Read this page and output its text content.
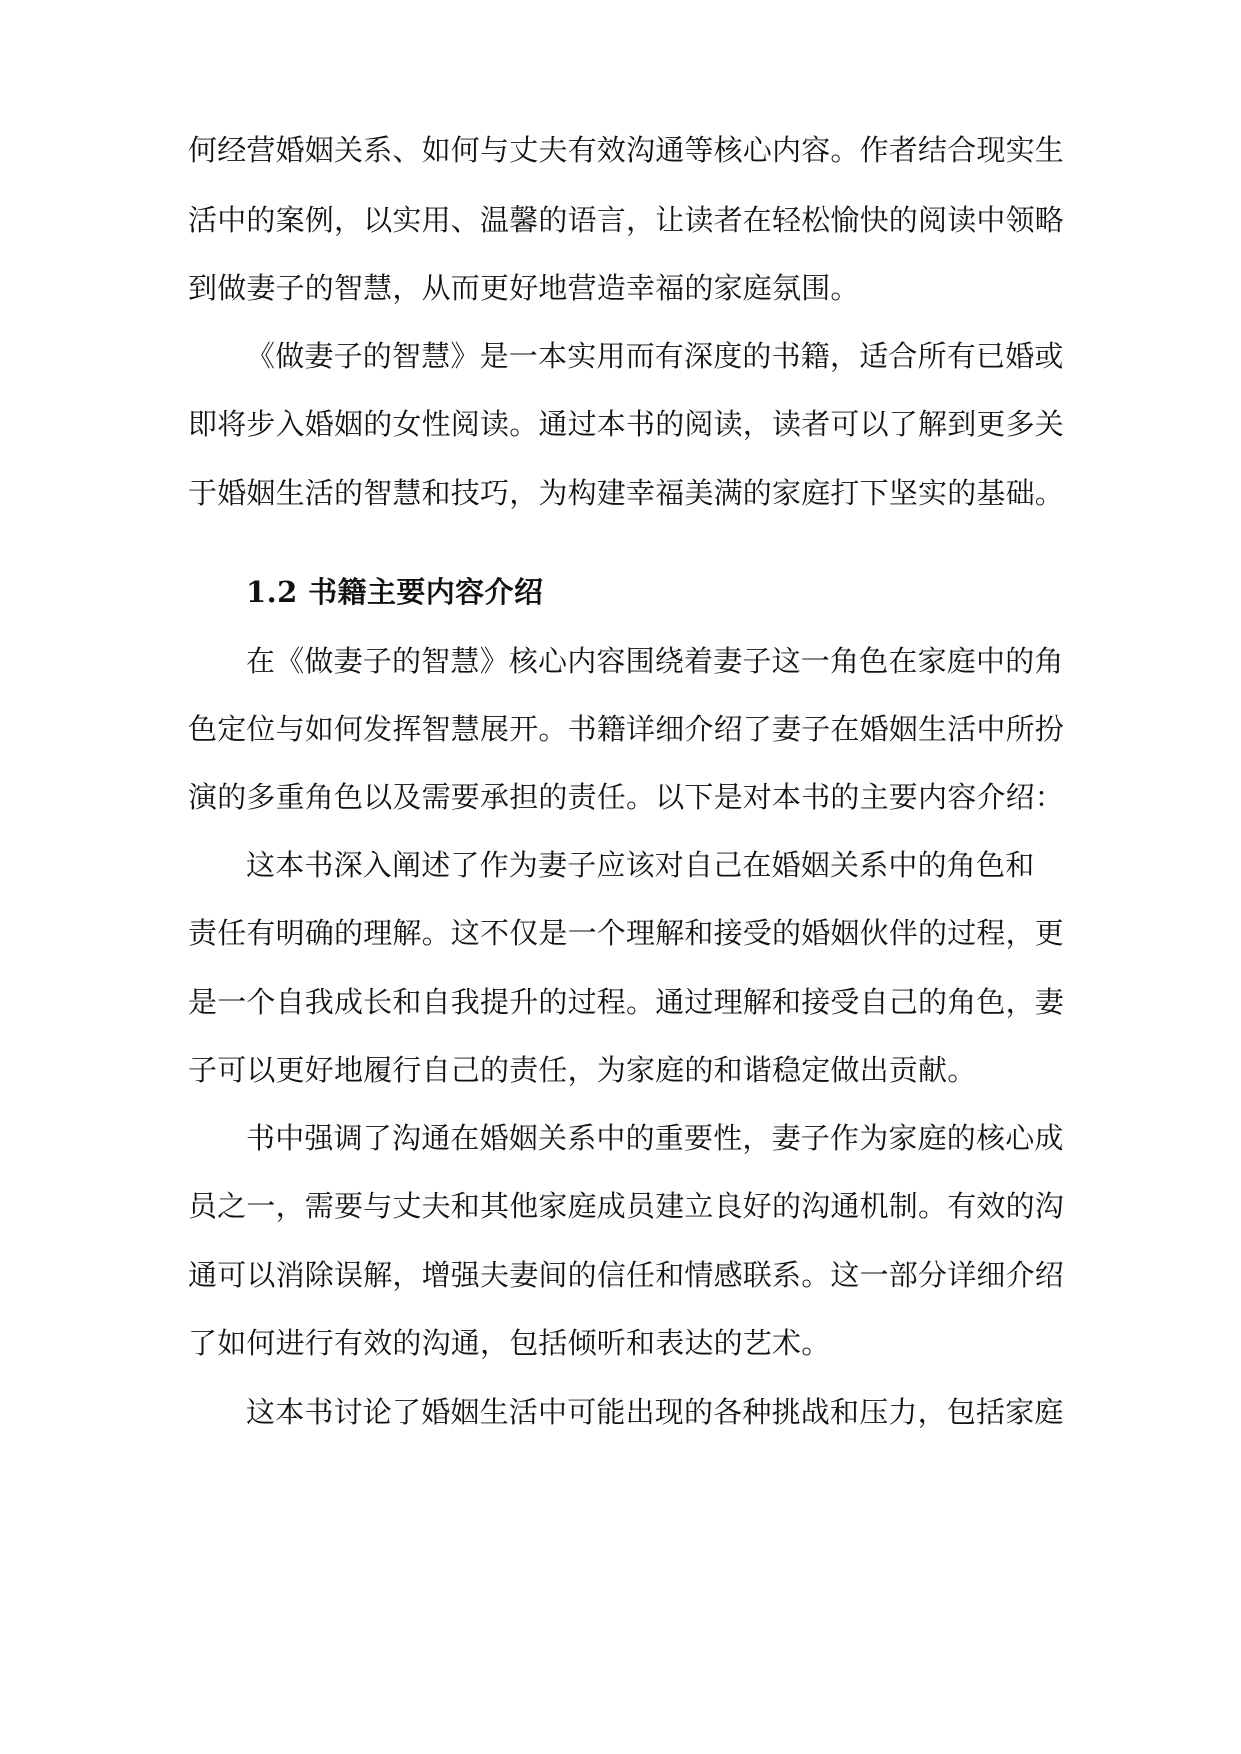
何经营婚姻关系、如何与丈夫有效沟通等核心内容。作者结合现实生
活中的案例，以实用、温馨的语言，让读者在轻松愉快的阅读中领略
到做妻子的智慧，从而更好地营造幸福的家庭氛围。
《做妻子的智慧》是一本实用而有深度的书籍，适合所有已婚或
即将步入婚姻的女性阅读。通过本书的阅读，读者可以了解到更多关
于婚姻生活的智慧和技巧，为构建幸福美满的家庭打下坚实的基础。
1.2 书籍主要内容介绍
在《做妻子的智慧》核心内容围绕着妻子这一角色在家庭中的角
色定位与如何发挥智慧展开。书籍详细介绍了妻子在婚姻生活中所扮
演的多重角色以及需要承担的责任。以下是对本书的主要内容介绍：
这本书深入阐述了作为妻子应该对自己在婚姻关系中的角色和
责任有明确的理解。这不仅是一个理解和接受的婚姻伙伴的过程，更
是一个自我成长和自我提升的过程。通过理解和接受自己的角色，妻
子可以更好地履行自己的责任，为家庭的和谐稳定做出贡献。
书中强调了沟通在婚姻关系中的重要性，妻子作为家庭的核心成
员之一，需要与丈夫和其他家庭成员建立良好的沟通机制。有效的沟
通可以消除误解，增强夫妻间的信任和情感联系。这一部分详细介绍
了如何进行有效的沟通，包括倾听和表达的艺术。
这本书讨论了婚姻生活中可能出现的各种挑战和压力，包括家庭
